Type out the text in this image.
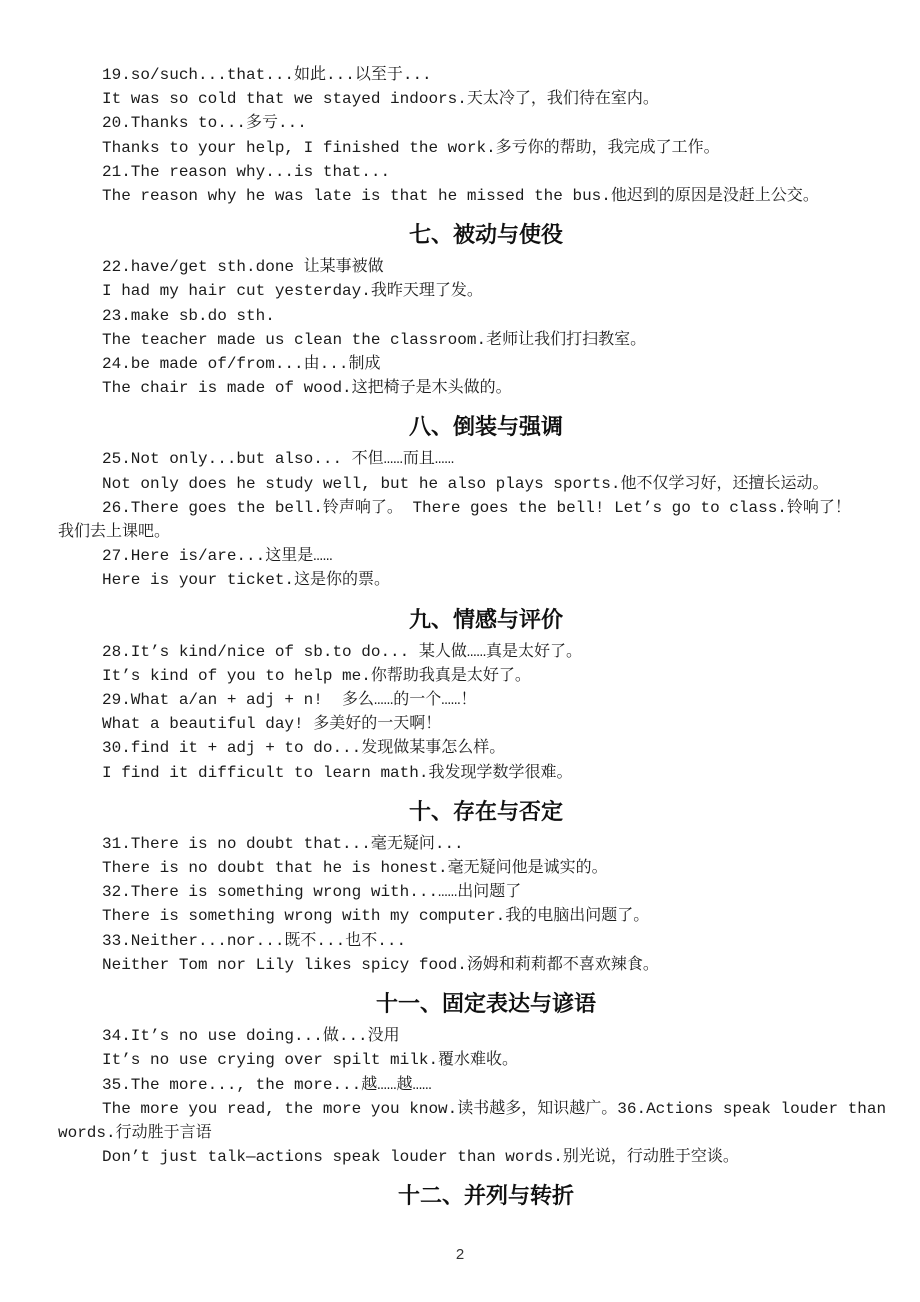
19.so/such...that...如此...以至于...
It was so cold that we stayed indoors.天太冷了，我们待在室内。
20.Thanks to...多亏...
Thanks to your help, I finished the work.多亏你的帮助，我完成了工作。
21.The reason why...is that...
The reason why he was late is that he missed the bus.他迟到的原因是没赶上公交。
七、被动与使役
22.have/get sth.done 让某事被做
I had my hair cut yesterday.我昨天理了发。
23.make sb.do sth.
The teacher made us clean the classroom.老师让我们打扫教室。
24.be made of/from...由...制成
The chair is made of wood.这把椅子是木头做的。
八、倒装与强调
25.Not only...but also... 不但……而且……
Not only does he study well, but he also plays sports.他不仅学习好，还擅长运动。
26.There goes the bell.铃声响了。 There goes the bell! Let’s go to class.铃响了！
我们去上课吧。
27.Here is/are...这里是……
Here is your ticket.这是你的票。
九、情感与评价
28.It’s kind/nice of sb.to do... 某人做……真是太好了。
It’s kind of you to help me.你帮助我真是太好了。
29.What a/an + adj + n!  多么……的一个……！
What a beautiful day! 多美好的一天啊！
30.find it + adj + to do...发现做某事怎么样。
I find it difficult to learn math.我发现学数学很难。
十、存在与否定
31.There is no doubt that...毫无疑问...
There is no doubt that he is honest.毫无疑问他是诚实的。
32.There is something wrong with...……出问题了
There is something wrong with my computer.我的电脑出问题了。
33.Neither...nor...既不...也不...
Neither Tom nor Lily likes spicy food.汤姆和莉莉都不喜欢辣食。
十一、固定表达与谚语
34.It’s no use doing...做...没用
It’s no use crying over spilt milk.覆水难收。
35.The more..., the more...越……越……
The more you read, the more you know.读书越多，知识越广。36.Actions speak louder than
words.行动胜于言语
Don’t just talk—actions speak louder than words.别光说，行动胜于空谈。
十二、并列与转折
2
